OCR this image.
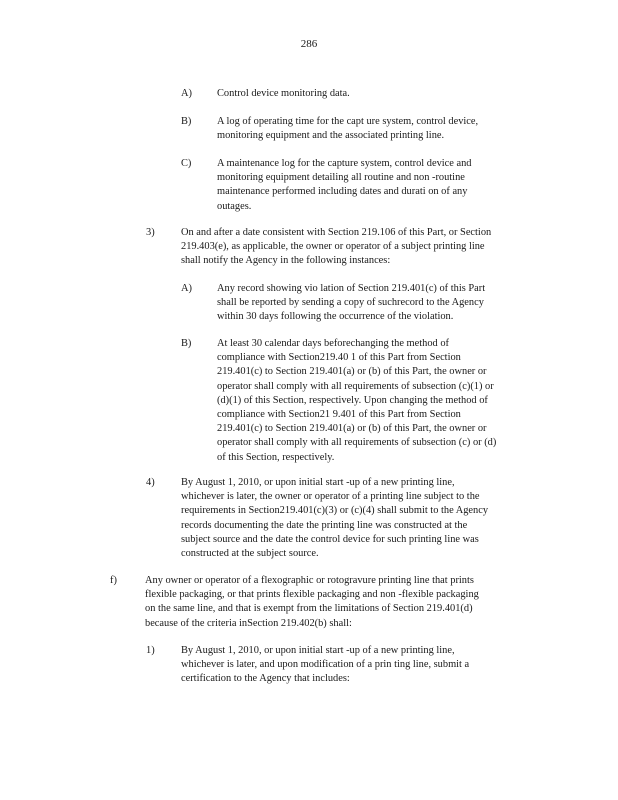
286
A) Control device monitoring data.
B) A log of operating time for the capt ure system, control device,
monitoring equipment and the associated printing line.
C) A maintenance log for the capture system, control device and
monitoring equipment detailing all routine and non -routine
maintenance performed including dates and durati on of any
outages.
3)	On and after a date consistent with Section 219.106 of this Part, or Section
219.403(e), as applicable, the owner or operator of a subject printing line
shall notify the Agency in the following instances:
A) Any record showing vio lation of Section 219.401(c) of this Part
shall be reported by sending a copy of suchrecord to the Agency
within 30 days following the occurrence of the violation.
B) At least 30 calendar days beforechanging the method of
compliance with Section219.40 1 of this Part from Section
219.401(c) to Section 219.401(a) or (b) of this Part, the owner or
operator shall comply with all requirements of subsection (c)(1) or
(d)(1) of this Section, respectively. Upon changing the method of
compliance with Section21 9.401 of this Part from Section
219.401(c) to Section 219.401(a) or (b) of this Part, the owner or
operator shall comply with all requirements of subsection (c) or (d)
of this Section, respectively.
4)	By August 1, 2010, or upon initial start -up of a new printing line,
whichever is later, the owner or operator of a printing line subject to the
requirements in Section219.401(c)(3) or (c)(4) shall submit to the Agency
records documenting the date the printing line was constructed at the
subject source and the date the control device for such printing line was
constructed at the subject source.
f)	Any owner or operator of a flexographic or rotogravure printing line that prints
flexible packaging, or that prints flexible packaging and non -flexible packaging
on the same line, and that is exempt from the limitations of Section 219.401(d)
because of the criteria inSection 219.402(b) shall:
1)	By August 1, 2010, or upon initial start -up of a new printing line,
whichever is later, and upon modification of a prin ting line, submit a
certification to the Agency that includes:
